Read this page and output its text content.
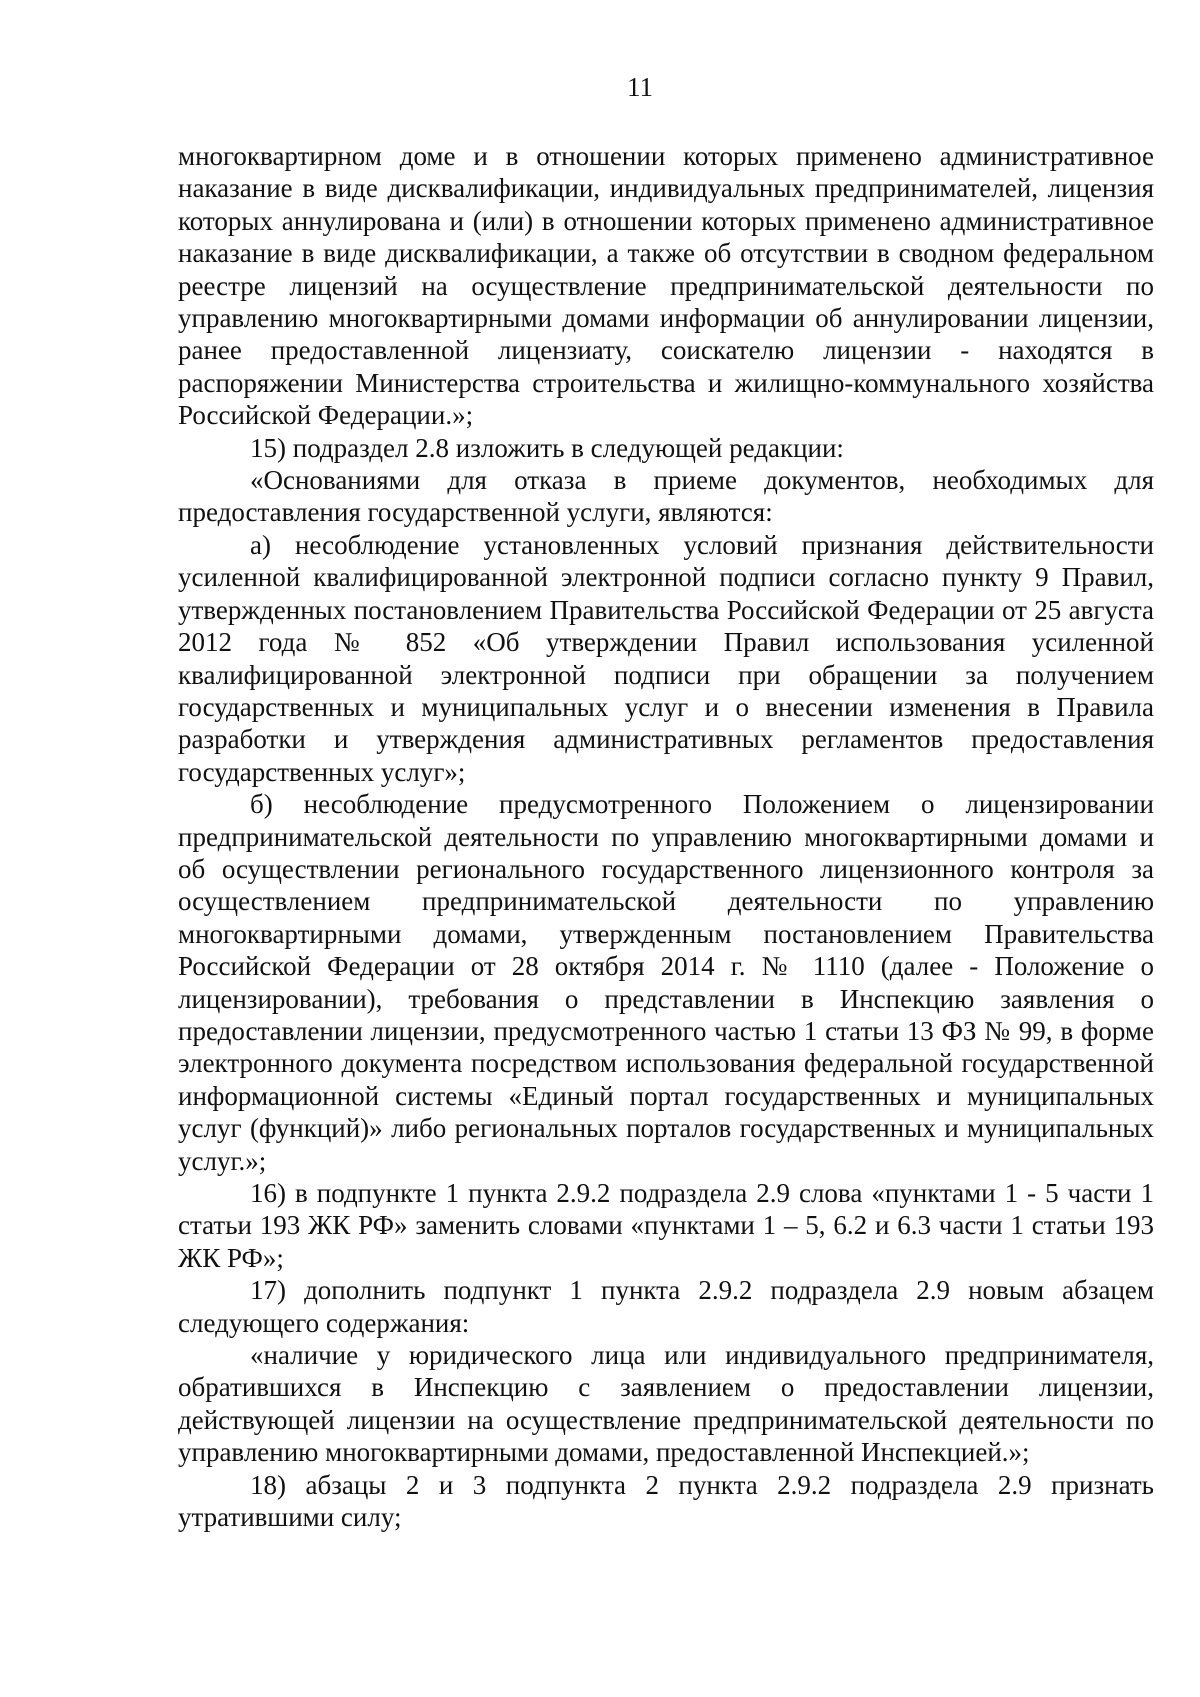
11

многоквартирном доме и в отношении которых применено административное наказание в виде дисквалификации, индивидуальных предпринимателей, лицензия которых аннулирована и (или) в отношении которых применено административное наказание в виде дисквалификации, а также об отсутствии в сводном федеральном реестре лицензий на осуществление предпринимательской деятельности по управлению многоквартирными домами информации об аннулировании лицензии, ранее предоставленной лицензиату, соискателю лицензии - находятся в распоряжении Министерства строительства и жилищно-коммунального хозяйства Российской Федерации.»;

15) подраздел 2.8 изложить в следующей редакции:

«Основаниями для отказа в приеме документов, необходимых для предоставления государственной услуги, являются:

а) несоблюдение установленных условий признания действительности усиленной квалифицированной электронной подписи согласно пункту 9 Правил, утвержденных постановлением Правительства Российской Федерации от 25 августа 2012 года № 852 «Об утверждении Правил использования усиленной квалифицированной электронной подписи при обращении за получением государственных и муниципальных услуг и о внесении изменения в Правила разработки и утверждения административных регламентов предоставления государственных услуг»;

б) несоблюдение предусмотренного Положением о лицензировании предпринимательской деятельности по управлению многоквартирными домами и об осуществлении регионального государственного лицензионного контроля за осуществлением предпринимательской деятельности по управлению многоквартирными домами, утвержденным постановлением Правительства Российской Федерации от 28 октября 2014 г. № 1110 (далее - Положение о лицензировании), требования о представлении в Инспекцию заявления о предоставлении лицензии, предусмотренного частью 1 статьи 13 ФЗ № 99, в форме электронного документа посредством использования федеральной государственной информационной системы «Единый портал государственных и муниципальных услуг (функций)» либо региональных порталов государственных и муниципальных услуг.»;

16) в подпункте 1 пункта 2.9.2 подраздела 2.9 слова «пунктами 1 - 5 части 1 статьи 193 ЖК РФ» заменить словами «пунктами 1 – 5, 6.2 и 6.3 части 1 статьи 193 ЖК РФ»;

17) дополнить подпункт 1 пункта 2.9.2 подраздела 2.9 новым абзацем следующего содержания:

«наличие у юридического лица или индивидуального предпринимателя, обратившихся в Инспекцию с заявлением о предоставлении лицензии, действующей лицензии на осуществление предпринимательской деятельности по управлению многоквартирными домами, предоставленной Инспекцией.»;

18) абзацы 2 и 3 подпункта 2 пункта 2.9.2 подраздела 2.9 признать утратившими силу;
